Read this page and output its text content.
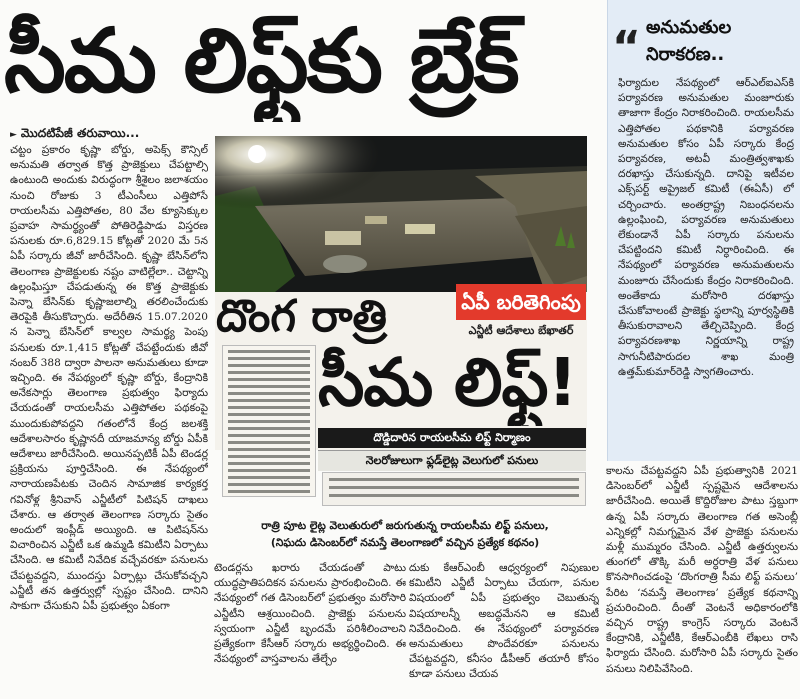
సీమ లిఫ్ట్‌కు బ్రేక్
► మొదటిపేజీ తరువాయి...
చట్టం ప్రకారం కృష్ణా బోర్డు, అపెక్స్ కౌన్సిల్ అనుమతి తర్వాత కొత్త ప్రాజెక్టులు చేపట్టాల్సి ఉంటుంది అందుకు విరుద్ధంగా శ్రీశైలం జలాశయం నుంచి రోజుకు 3 టీఎంసీలు ఎత్తిపోసే రాయలసీమ ఎత్తిపోతల, 80 వేల క్యూసెక్కుల ప్రవాహ సామర్థ్యంతో పోతిరెడ్డిపాడు విస్తరణ పనులకు రూ.6,829.15 కోట్లతో 2020 మే 5న ఏపీ సర్కారు జీవో జారీచేసింది. కృష్ణా బేసిన్‌లోని తెలంగాణ ప్రాజెక్టులకు నష్టం వాటిల్లేలా.. చెట్టాన్ని ఉల్లంఘిస్తూ చేపడుతున్న ఈ కొత్త ప్రాజెక్టుకు పెన్నా బేసిన్‌కు కృష్ణాజలాల్ని తరలించేందుకు తెరపైకి తీసుకొచ్చారు. అదేరీతిన 15.07.2020 న పెన్నా బేసిన్‌లో కాల్వల సామర్థ్య పెంపు పనులకు రూ.1,415 కోట్లతో చేపట్టేందుకు జీవో నంబర్ 388 ద్వారా పాలనా అనుమతులు కూడా ఇచ్చింది. ఈ నేపథ్యంలో కృష్ణా బోర్డు, కేంద్రానికి అనేకసార్లు తెలంగాణ ప్రభుత్వం ఫిర్యాదు చేయడంతో రాయలసీమ ఎత్తిపోతల పథకంపై ముందుకుపోవద్దని గతంలోనే కేంద్ర జలశక్తి ఆదేశాలసారం కృష్ణానదీ యాజమాన్య బోర్డు ఏపీకి ఆదేశాలు జారీచేసింది. అయినప్పటికీ ఏపీ టెండర్ల ప్రక్రియను పూర్తిచేసింది. ఈ నేపథ్యంలో నారాయణపేటకు చెందిన సామాజిక కార్యకర్త గవినోళ్ల శ్రీనివాస్ ఎన్జీటీలో పిటిషన్ దాఖలు చేశారు. ఆ తర్వాత తెలంగాణ సర్కారు సైతం అందులో ఇంప్లీడ్ అయ్యింది. ఆ పిటిషన్‌ను విచారించిన ఎన్జీటీ ఒక ఉమ్మడి కమిటీని ఏర్పాటు చేసింది. ఆ కమిటీ నివేదిక వచ్చేవరకూ పనులను చేపట్టవద్దని, ముందస్తు ఏర్పాట్లు చేసుకోవచ్చని ఎన్జీటీ తన ఉత్తర్వుల్లో స్పష్టం చేసింది. దానిని సాకుగా చేసుకుని ఏపీ ప్రభుత్వం ఏకంగా
దొంగ రాత్రి	ఏపీ బరితెగింపు
ఎన్జీటీ ఆదేశాలు బేఖాతర్
సీమ లిఫ్ట్!
దొడ్డిదారిన రాయలసీమ లిఫ్ట్ నిర్మాణం
నెలరోజులుగా ఫ్లడ్‌లైట్ల వెలుగులో పనులు
రాత్రి పూట లైట్ల వెలుతురులో జరుగుతున్న రాయలసీమ లిఫ్ట్ పనులు,
(నిఘదు డిసెంబర్‌లో నమస్తే తెలంగాణలో వచ్చిన ప్రత్యేక కథనం)
టెండర్లను ఖరారు చేయడంతో పాటు యుద్ధప్రాతిపదికన పనులను ప్రారంభించింది. ఈ నేపథ్యంలో గత డిసెంబర్‌లో ప్రభుత్వం మరోసారి ఎన్జీటీని ఆశ్రయించింది. ప్రాజెక్టు పనులను స్వయంగా ఎన్జీటీ బృందమే పరిశీలించాలని ప్రత్యేకంగా కేసీఆర్ సర్కారు అభ్యర్థించింది. ఈ నేపథ్యంలో వాస్తవాలను తేల్చేం
దుకు కేఆర్‌ఎంబీ ఆధ్వర్యంలో నిపుణుల కమిటీని ఎన్జీటీ ఏర్పాటు చేయగా, పనుల విషయంలో ఏపీ ప్రభుత్వం చెబుతున్న విషయాలన్నీ అబద్ధమేనని ఆ కమిటీ నివేదించింది. ఈ నేపథ్యంలో పర్యావరణ అనుమతులు పొందేవరకూ పనులను చేపట్టవద్దని, కనీసం డీపీఆర్ తయారీ కోసం కూడా పనులు చేయవ
“ అనుమతుల నిరాకరణ..
ఫిర్యాదుల నేపథ్యంలో ఆర్ఎల్ఐఎస్‌కి పర్యావరణ అనుమతుల మంజూరుకు తాజాగా కేంద్రం నిరాకరించింది. రాయలసీమ ఎత్తిపోతల పథకానికి పర్యావరణ అనుమతుల కోసం ఏపీ సర్కారు కేంద్ర పర్యావరణ, అటవీ మంత్రిత్వశాఖకు దరఖాస్తు చేసుకున్నది. దానిపై ఇటీవల ఎక్స్‌పర్ట్ అప్రైజల్ కమిటీ (ఈఏసీ) లో చర్చించారు. అంతర్రాష్ట్ర నిబంధనలను ఉల్లంఘించి, పర్యావరణ అనుమతులు లేకుండానే ఏపీ సర్కారు పనులను చేపట్టిందని కమిటీ నిర్ధారించింది. ఈ నేపథ్యంలో పర్యావరణ అనుమతులను మంజూరు చేసేందుకు కేంద్రం నిరాకరించింది. అంతేకాదు మరోసారి దరఖాస్తు చేసుకోవాలంటే ప్రాజెక్టు స్థలాన్ని పూర్వస్థితికి తీసుకురావాలని తేల్చిచెప్పింది. కేంద్ర పర్యావరణశాఖ నిర్ణయాన్ని రాష్ట్ర సాగునీటిపారుదల శాఖ మంత్రి ఉత్తమ్‌కుమార్‌రెడ్డి స్వాగతించారు.
కాలను చేపట్టవద్దని ఏపీ ప్రభుత్వానికి 2021 డిసెంబర్‌లో ఎన్జీటీ స్పష్టమైన ఆదేశాలను జారీచేసింది. అయితే కొద్దిరోజుల పాటు స్తబ్దుగా ఉన్న ఏపీ సర్కారు తెలంగాణ గత అసెంబ్లీ ఎన్నికల్లో నిమగ్నమైన వేళ ప్రాజెక్టు పనులను మళ్లీ ముమ్మరం చేసింది. ఎన్జీటీ ఉత్తర్వులను తుంగలో తొక్కి మరీ అర్ధరాత్రి వేళ పనులు కొనసాగించడంపై ‘దొంగరాత్రి సీమ లిఫ్ట్ పనులు’ పేరిట ‘నమస్తే తెలంగాణ’ ప్రత్యేక కథనాన్ని ప్రచురించింది. దీంతో వెంటనే అధికారంలోకి వచ్చిన రాష్ట్ర కాంగ్రెస్ సర్కారు వెంటనే కేంద్రానికి, ఎన్జీటీకి, కేఆర్‌ఎంబీకి లేఖలు రాసి ఫిర్యాదు చేసింది. మరోసారి ఏపీ సర్కారు సైతం పనులు నిలిపివేసింది.
